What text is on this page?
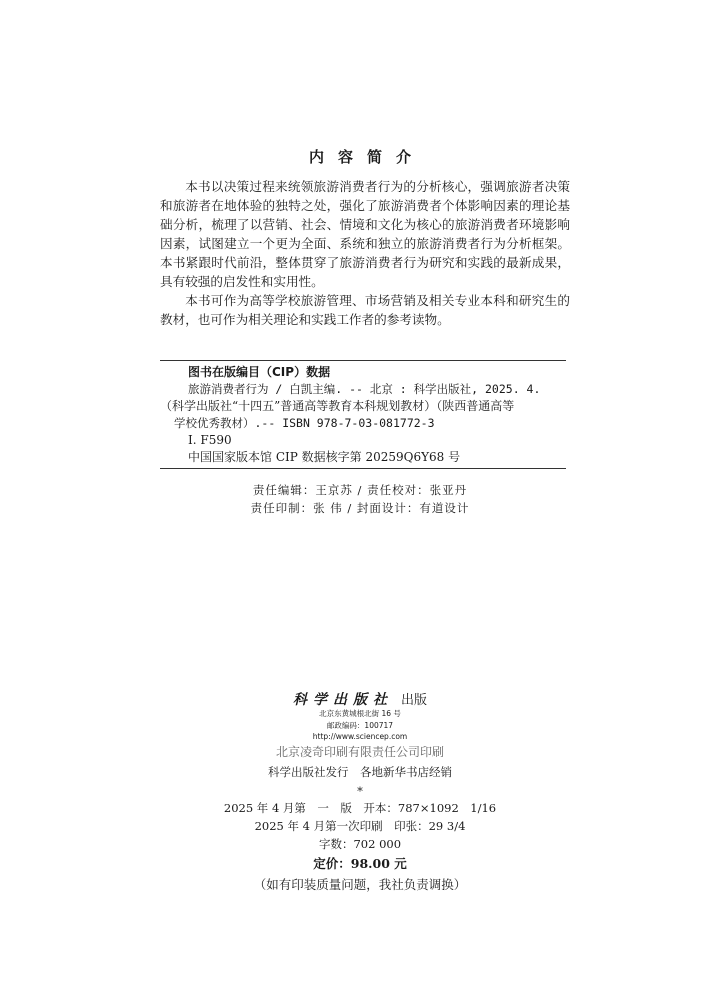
内容简介

本书以决策过程来统领旅游消费者行为的分析核心，强调旅游者决策和旅游者在地体验的独特之处，强化了旅游消费者个体影响因素的理论基础分析，梳理了以营销、社会、情境和文化为核心的旅游消费者环境影响因素，试图建立一个更为全面、系统和独立的旅游消费者行为分析框架。本书紧跟时代前沿，整体贯穿了旅游消费者行为研究和实践的最新成果，具有较强的启发性和实用性。

本书可作为高等学校旅游管理、市场营销及相关专业本科和研究生的教材，也可作为相关理论和实践工作者的参考读物。

图书在版编目（CIP）数据
旅游消费者行为 / 白凯主编. -- 北京 : 科学出版社, 2025. 4.
（科学出版社“十四五”普通高等教育本科规划教材）（陕西普通高等
学校优秀教材）.-- ISBN 978-7-03-081772-3
Ⅰ. F590
中国国家版本馆 CIP 数据核字第 20259Q6Y68 号
责任编辑：王京苏 / 责任校对：张亚丹
责任印制：张 伟 / 封面设计：有道设计
科学出版社 出版
北京东黄城根北街 16 号
邮政编码：100717
http://www.sciencep.com
北京凌奇印刷有限责任公司印刷
科学出版社发行　各地新华书店经销
*
2025 年 4 月第　一　版　开本：787×1092　1/16
2025 年 4 月第一次印刷　印张：29 3/4
字数：702 000
定价：98.00 元
（如有印装质量问题，我社负责调换）
